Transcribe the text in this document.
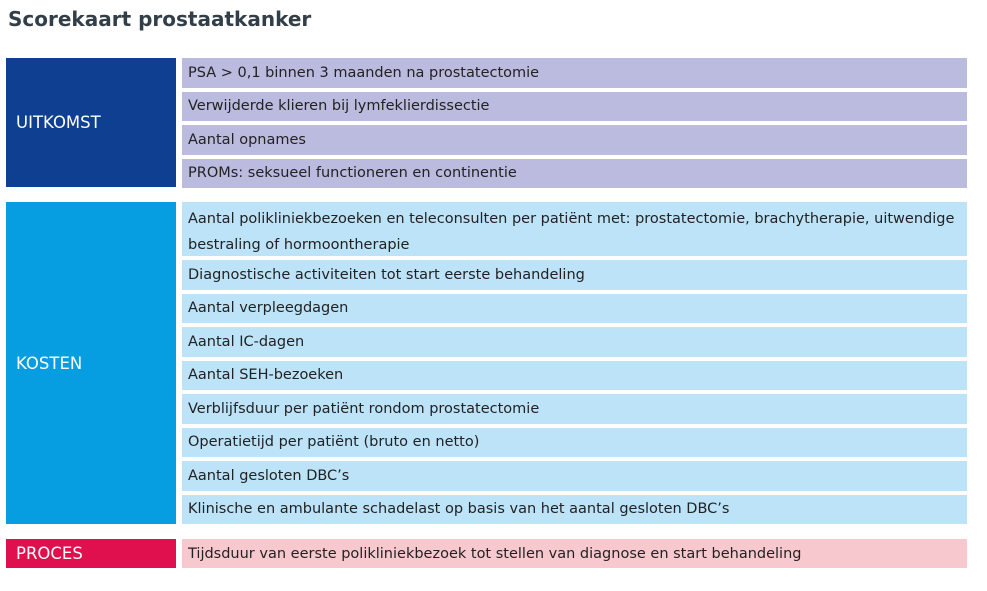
Scorekaart prostaatkanker
UITKOMST
PSA > 0,1 binnen 3 maanden na prostatectomie
Verwijderde klieren bij lymfeklierdissectie
Aantal opnames
PROMs: seksueel functioneren en continentie
KOSTEN
Aantal polikliniekbezoeken en teleconsulten per patiënt met: prostatectomie, brachytherapie, uitwendige bestraling of hormoontherapie
Diagnostische activiteiten tot start eerste behandeling
Aantal verpleegdagen
Aantal IC-dagen
Aantal SEH-bezoeken
Verblijfsduur per patiënt rondom prostatectomie
Operatietijd per patiënt (bruto en netto)
Aantal gesloten DBC’s
Klinische en ambulante schadelast op basis van het aantal gesloten DBC’s
PROCES	Tijdsduur van eerste polikliniekbezoek tot stellen van diagnose en start behandeling
